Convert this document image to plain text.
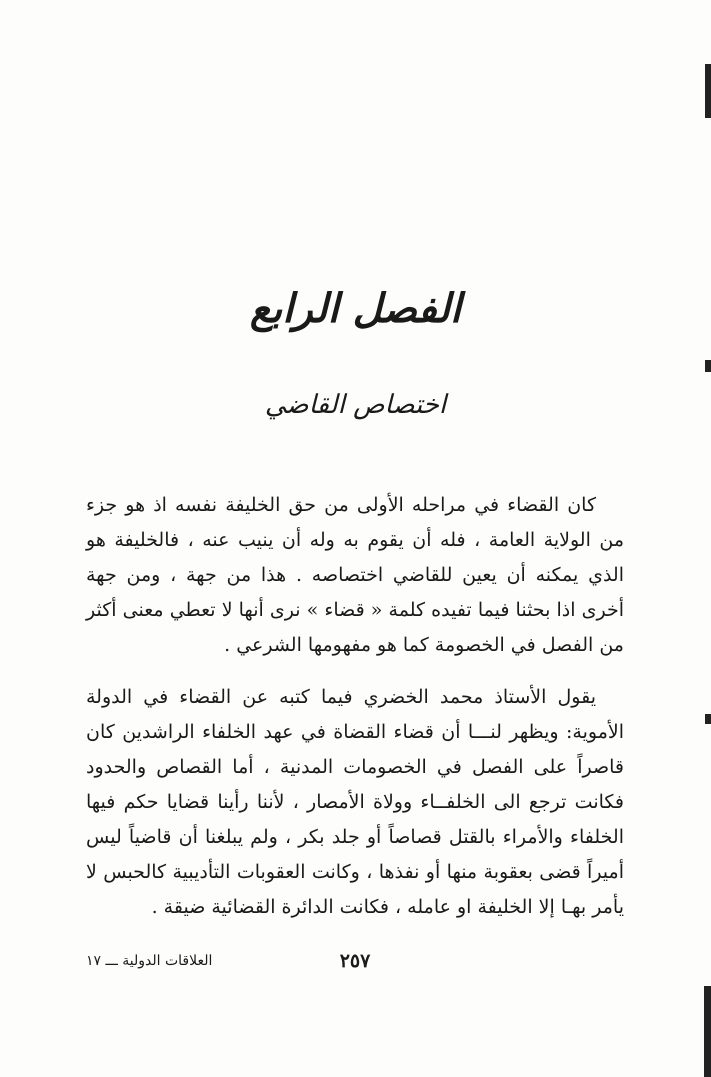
الفصل الرابع
اختصاص القاضي

كان القضاء في مراحله الأولى من حق الخليفة نفسه اذ هو جزء من الولاية العامة ، فله أن يقوم به وله أن ينيب عنه ، فالخليفة هو الذي يمكنه أن يعين للقاضي اختصاصه . هذا من جهة ، ومن جهة أخرى اذا بحثنا فيما تفيده كلمة « قضاء » نرى أنها لا تعطي معنى أكثر من الفصل في الخصومة كما هو مفهومها الشرعي .

يقول الأستاذ محمد الخضري فيما كتبه عن القضاء في الدولة الأموية: ويظهر لنـــا أن قضاء القضاة في عهد الخلفاء الراشدين كان قاصراً على الفصل في الخصومات المدنية ، أما القصاص والحدود فكانت ترجع الى الخلفــاء وولاة الأمصار ، لأننا رأينا قضايا حكم فيها الخلفاء والأمراء بالقتل قصاصاً أو جلد بكر ، ولم يبلغنا أن قاضياً ليس أميراً قضى بعقوبة منها أو نفذها ، وكانت العقوبات التأديبية كالحبس لا يأمر بهـا إلا الخليفة او عامله ، فكانت الدائرة القضائية ضيقة .

٢٥٧
العلاقات الدولية ـــ ١٧
